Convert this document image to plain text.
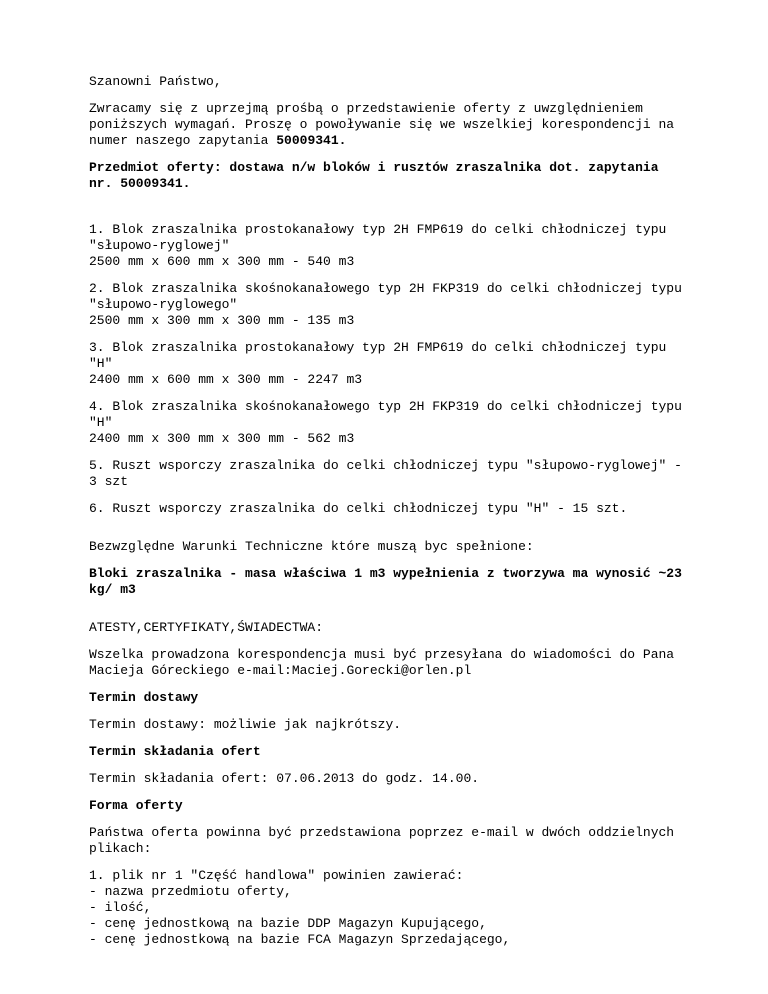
Szanowni Państwo,

Zwracamy się z uprzejmą prośbą o przedstawienie oferty z uwzględnieniem poniższych wymagań. Proszę o powoływanie się we wszelkiej korespondencji na numer naszego zapytania 50009341.

Przedmiot oferty: dostawa n/w bloków i rusztów zraszalnika dot. zapytania nr. 50009341.

1. Blok zraszalnika prostokanałowy typ 2H FMP619 do celki chłodniczej typu "słupowo-ryglowej"
2500 mm x 600 mm x 300 mm - 540 m3

2. Blok zraszalnika skośnokanałowego typ 2H FKP319 do celki chłodniczej typu "słupowo-ryglowego"
2500 mm x 300 mm x 300 mm - 135 m3

3. Blok zraszalnika prostokanałowy typ 2H FMP619 do celki chłodniczej typu "H"
2400 mm x 600 mm x 300 mm - 2247 m3

4. Blok zraszalnika skośnokanałowego typ 2H FKP319 do celki chłodniczej typu "H"
2400 mm x 300 mm x 300 mm - 562 m3

5. Ruszt wsporczy zraszalnika do celki chłodniczej typu "słupowo-ryglowej" - 3 szt

6. Ruszt wsporczy zraszalnika do celki chłodniczej typu "H" - 15 szt.

Bezwzględne Warunki Techniczne które muszą byc spełnione:

Bloki zraszalnika - masa właściwa 1 m3 wypełnienia z tworzywa ma wynosić ~23 kg/ m3

ATESTY,CERTYFIKATY,ŚWIADECTWA:

Wszelka prowadzona korespondencja musi być przesyłana do wiadomości do Pana Macieja Góreckiego e-mail:Maciej.Gorecki@orlen.pl

Termin dostawy

Termin dostawy: możliwie jak najkrótszy.

Termin składania ofert

Termin składania ofert: 07.06.2013 do godz. 14.00.

Forma oferty

Państwa oferta powinna być przedstawiona poprzez e-mail w dwóch oddzielnych plikach:

1. plik nr 1 "Część handlowa" powinien zawierać:
- nazwa przedmiotu oferty,
- ilość,
- cenę jednostkową na bazie DDP Magazyn Kupującego,
- cenę jednostkową na bazie FCA Magazyn Sprzedającego,
